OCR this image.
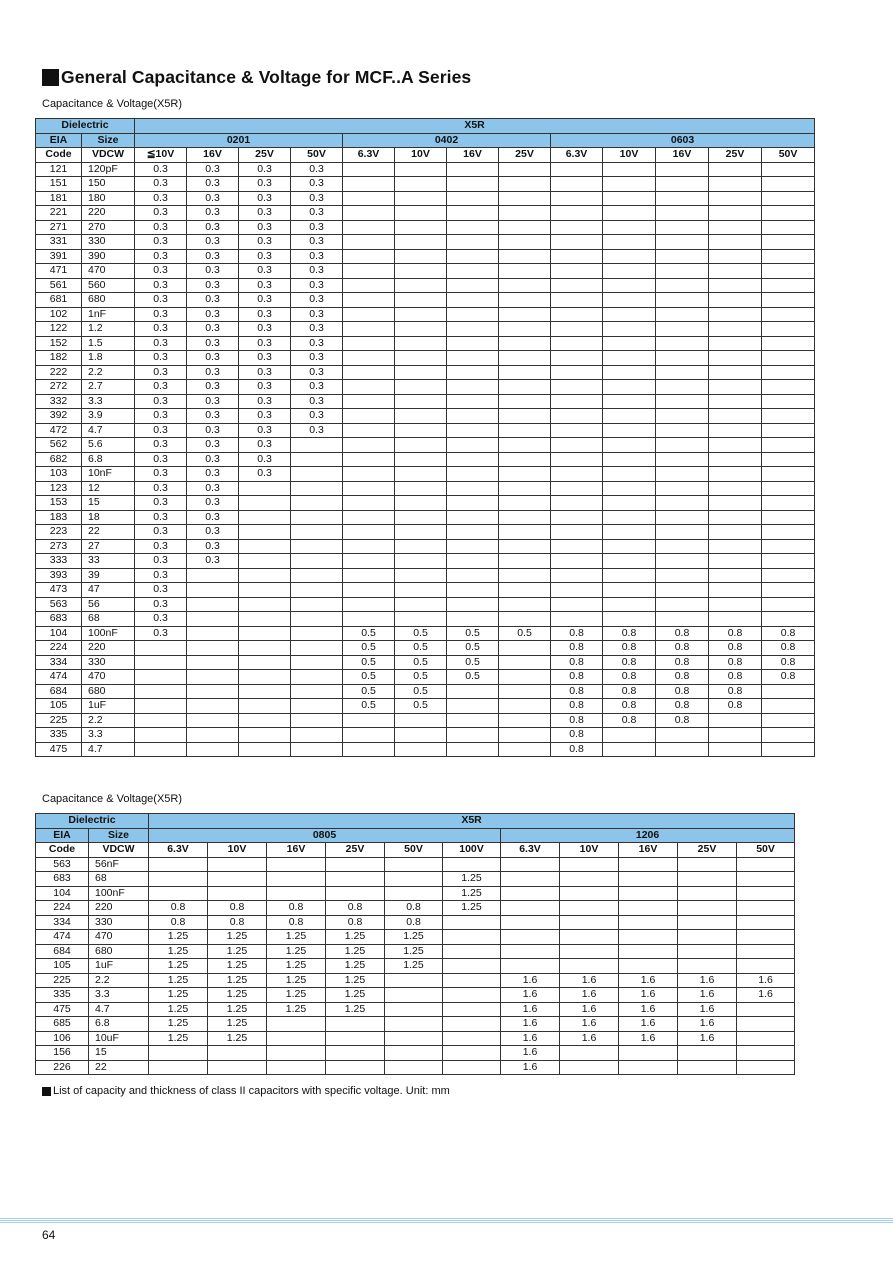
General Capacitance & Voltage for MCF..A Series
Capacitance & Voltage(X5R)
Dielectric		X5R												
EIA	Size	0201				0402				0603				
Code	VDCW	≦10V	16V	25V	50V	6.3V	10V	16V	25V	6.3V	10V	16V	25V	50V
121	120pF	0.3	0.3	0.3	0.3									
151	150	0.3	0.3	0.3	0.3									
181	180	0.3	0.3	0.3	0.3									
221	220	0.3	0.3	0.3	0.3									
271	270	0.3	0.3	0.3	0.3									
331	330	0.3	0.3	0.3	0.3									
391	390	0.3	0.3	0.3	0.3									
471	470	0.3	0.3	0.3	0.3									
561	560	0.3	0.3	0.3	0.3									
681	680	0.3	0.3	0.3	0.3									
102	1nF	0.3	0.3	0.3	0.3									
122	1.2	0.3	0.3	0.3	0.3									
152	1.5	0.3	0.3	0.3	0.3									
182	1.8	0.3	0.3	0.3	0.3									
222	2.2	0.3	0.3	0.3	0.3									
272	2.7	0.3	0.3	0.3	0.3									
332	3.3	0.3	0.3	0.3	0.3									
392	3.9	0.3	0.3	0.3	0.3									
472	4.7	0.3	0.3	0.3	0.3									
562	5.6	0.3	0.3	0.3										
682	6.8	0.3	0.3	0.3										
103	10nF	0.3	0.3	0.3										
123	12	0.3	0.3											
153	15	0.3	0.3											
183	18	0.3	0.3											
223	22	0.3	0.3											
273	27	0.3	0.3											
333	33	0.3	0.3											
393	39	0.3												
473	47	0.3												
563	56	0.3												
683	68	0.3												
104	100nF	0.3				0.5	0.5	0.5	0.5	0.8	0.8	0.8	0.8	0.8
224	220					0.5	0.5	0.5		0.8	0.8	0.8	0.8	0.8
334	330					0.5	0.5	0.5		0.8	0.8	0.8	0.8	0.8
474	470					0.5	0.5	0.5		0.8	0.8	0.8	0.8	0.8
684	680					0.5	0.5			0.8	0.8	0.8	0.8	
105	1uF					0.5	0.5			0.8	0.8	0.8	0.8	
225	2.2									0.8	0.8	0.8		
335	3.3									0.8				
475	4.7									0.8				
Capacitance & Voltage(X5R)
Dielectric		X5R										
EIA	Size	0805						1206				
Code	VDCW	6.3V	10V	16V	25V	50V	100V	6.3V	10V	16V	25V	50V
563	56nF											
683	68						1.25					
104	100nF						1.25					
224	220	0.8	0.8	0.8	0.8	0.8	1.25					
334	330	0.8	0.8	0.8	0.8	0.8						
474	470	1.25	1.25	1.25	1.25	1.25						
684	680	1.25	1.25	1.25	1.25	1.25						
105	1uF	1.25	1.25	1.25	1.25	1.25						
225	2.2	1.25	1.25	1.25	1.25			1.6	1.6	1.6	1.6	1.6
335	3.3	1.25	1.25	1.25	1.25			1.6	1.6	1.6	1.6	1.6
475	4.7	1.25	1.25	1.25	1.25			1.6	1.6	1.6	1.6	
685	6.8	1.25	1.25					1.6	1.6	1.6	1.6	
106	10uF	1.25	1.25					1.6	1.6	1.6	1.6	
156	15							1.6				
226	22							1.6				
List of capacity and thickness of class II capacitors with specific voltage. Unit: mm
64
